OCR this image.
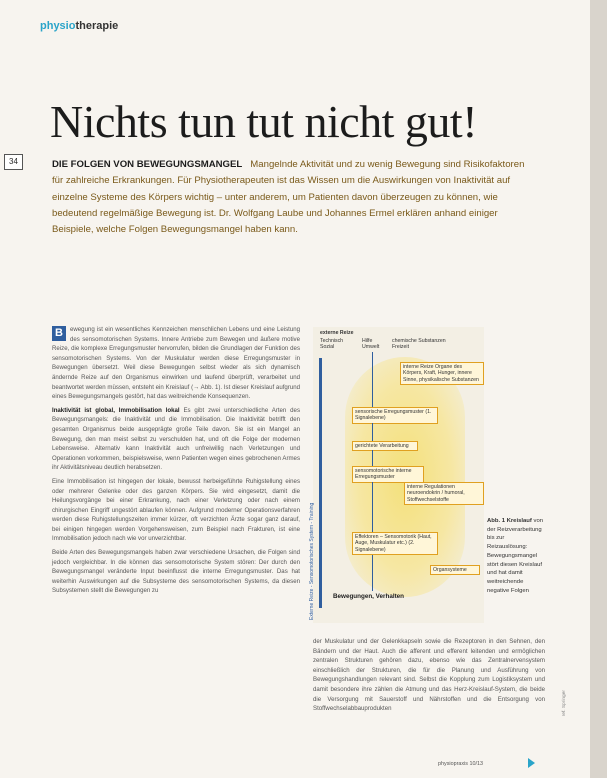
physiotherapie
Nichts tun tut nicht gut!
34	DIE FOLGEN VON BEWEGUNGSMANGEL Mangelnde Aktivität und zu wenig Bewegung sind Risikofaktoren für zahlreiche Erkrankungen. Für Physiotherapeuten ist das Wissen um die Auswirkungen von Inaktivität auf einzelne Systeme des Körpers wichtig – unter anderem, um Patienten davon überzeugen zu können, wie bedeutend regelmäßige Bewegung ist. Dr. Wolfgang Laube und Johannes Ermel erklären anhand einiger Beispiele, welche Folgen Bewegungsmangel haben kann.

B	ewegung ist ein wesentliches Kennzeichen menschlichen Lebens und eine Leistung des sensomotorischen Systems. Innere Antriebe zum Bewegen und äußere motive Reize, die komplexe Erregungsmuster hervorrufen, bilden die Grundlagen der Funktion des sensomotorischen Systems. Von der Muskulatur werden diese Erregungsmuster in Bewegungen übersetzt. Weil diese Bewegungen selbst wieder als sich dynamisch ändernde Reize auf den Organismus einwirken und laufend überprüft, verarbeitet und beantwortet werden müssen, entsteht ein Kreislauf (→ Abb. 1). Ist dieser Kreislauf aufgrund eines Bewegungsmangels gestört, hat das weitreichende Konsequenzen.

Inaktivität ist global, Immobilisation lokal Es gibt zwei unterschiedliche Arten des Bewegungsmangels: die Inaktivität und die Immobilisation. Die Inaktivität betrifft den gesamten Organismus beide ausgeprägte große Teile davon. Sie ist ein Mangel an Bewegung, den man meist selbst zu verschulden hat, und oft die Folge der modernen Lebensweise. Alternativ kann Inaktivität auch unfreiwillig nach Verletzungen und Operationen vorkommen, beispielsweise, wenn Patienten wegen eines gebrochenen Armes ihr Aktivitätsniveau deutlich herabsetzen.

Eine Immobilisation ist hingegen der lokale, bewusst herbeigeführte Ruhigstellung eines oder mehrerer Gelenke oder des ganzen Körpers. Sie wird eingesetzt, damit die Heilungsvorgänge bei einer Erkrankung, nach einer Verletzung oder nach einem chirurgischen Eingriff ungestört ablaufen können. Aufgrund moderner Operationsverfahren werden diese Ruhigstellungszeiten immer kürzer, oft verzichten Ärzte sogar ganz darauf, bei einigen hingegen werden Vorgehensweisen, zum Beispiel nach Frakturen, ist eine Immobilisation jedoch nach wie vor unverzichtbar.

Beide Arten des Bewegungsmangels haben zwar verschiedene Ursachen, die Folgen sind jedoch vergleichbar. In die können das sensomotorische System stören: Der durch den Bewegungsmangel veränderte Input beeinflusst die interne Erregungsmuster. Das hat weiterhin Auswirkungen auf die Subsysteme des sensomotorischen Systems, da diesen Subsystemen stellt die Bewegungen zu

der Muskulatur und der Gelenkkapseln sowie die Rezeptoren in den Sehnen, den Bändern und der Haut. Auch die afferent und efferent leitenden und ermöglichen zentralen Strukturen gehören dazu, ebenso wie das Zentralnervensystem einschließlich der Strukturen, die für die Planung und Ausführung von Bewegungshandlungen relevant sind. Selbst die Kopplung zum Logistiksystem und damit besondere ihre zählen die Atmung und das Herz-Kreislauf-System, die beide die Versorgung mit Sauerstoff und Nährstoffen und die Entsorgung von Stoffwechselabbauprodukten

Externe Reize - Sensomotorisches System - Training
externe Reize
Technisch Sozial
Hilfe Umwelt
chemische Substanzen Freizeit
interne Reize Organe des Körpers, Kraft, Hunger, innere Sinne, physikalische Substanzen
sensorische Erregungsmuster (1. Signalebene)
gerichtete Verarbeitung
sensomotorische interne Erregungsmuster
interne Regulationen neuroendokrin / humoral, Stoffwechselstoffe
Effektoren – Sensomotorik (Haut, Auge, Muskulatur etc.) (2. Signalebene)
Organsysteme
Bewegungen, Verhalten
Abb. 1 Kreislauf von der Reizverarbeitung bis zur Reizauslösung: Bewegungsmangel stört diesen Kreislauf und hat damit weitreichende negative Folgen
ref. Springer
physiopraxis 10/13
